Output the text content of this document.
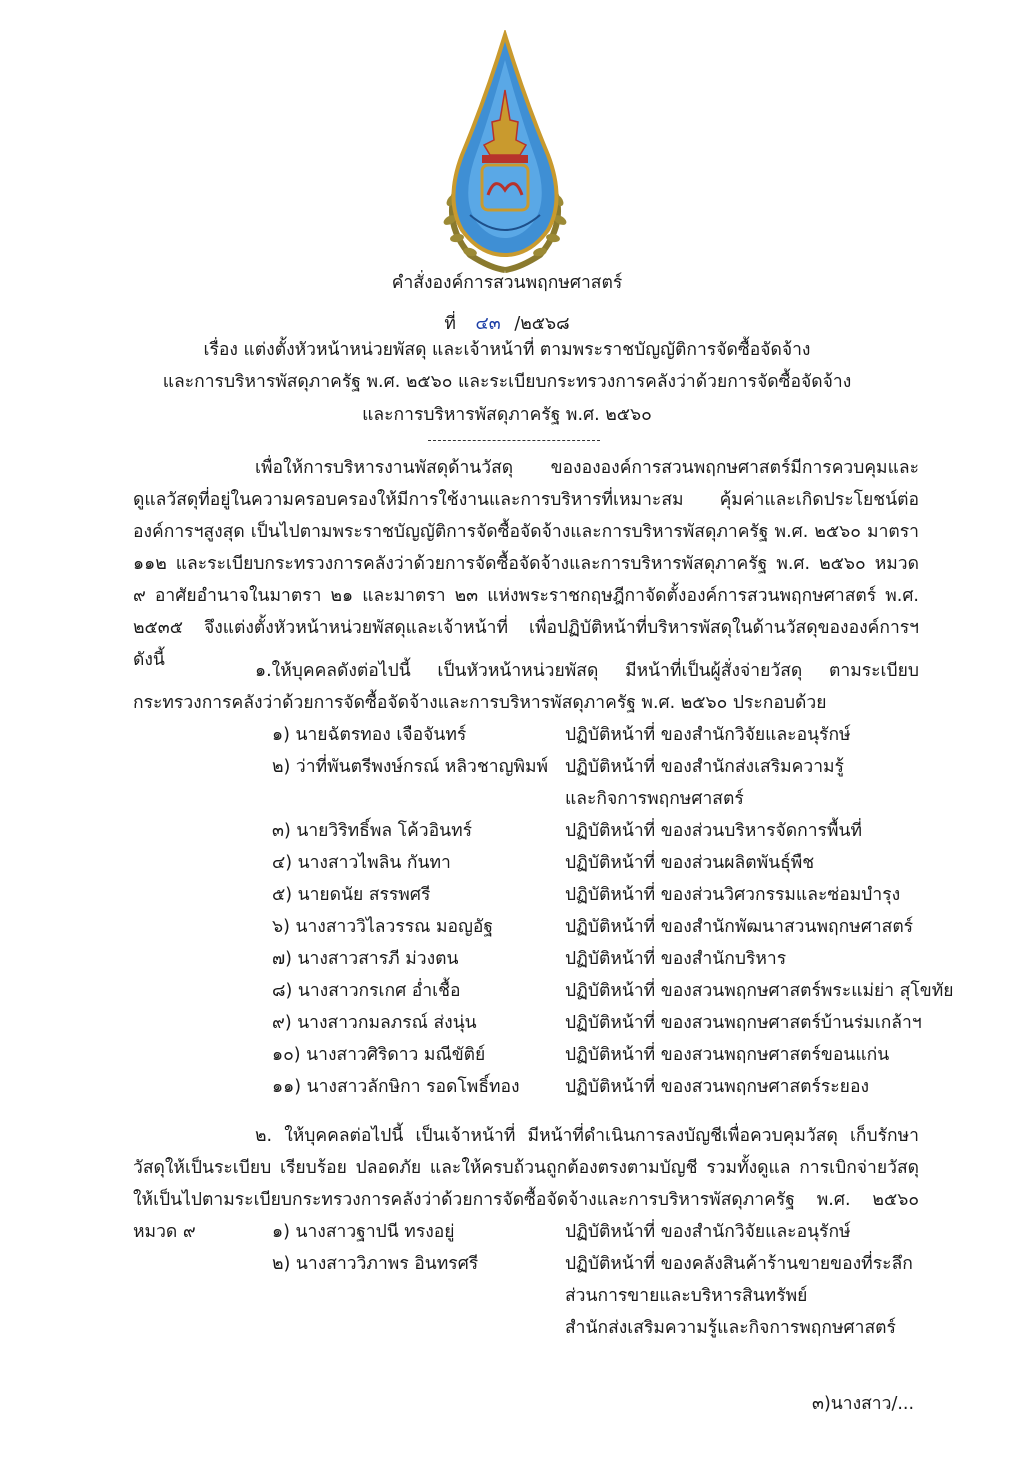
คำสั่งองค์การสวนพฤกษศาสตร์
ที่ ๔๓ /๒๕๖๘
เรื่อง แต่งตั้งหัวหน้าหน่วยพัสดุ และเจ้าหน้าที่ ตามพระราชบัญญัติการจัดซื้อจัดจ้าง
และการบริหารพัสดุภาครัฐ พ.ศ. ๒๕๖๐ และระเบียบกระทรวงการคลังว่าด้วยการจัดซื้อจัดจ้าง
และการบริหารพัสดุภาครัฐ พ.ศ. ๒๕๖๐

เพื่อให้การบริหารงานพัสดุด้านวัสดุ ของององค์การสวนพฤกษศาสตร์มีการควบคุมและดูแลวัสดุที่อยู่ในความครอบครองให้มีการใช้งานและการบริหารที่เหมาะสม คุ้มค่าและเกิดประโยชน์ต่อองค์การฯสูงสุด เป็นไปตามพระราชบัญญัติการจัดซื้อจัดจ้างและการบริหารพัสดุภาครัฐ พ.ศ. ๒๕๖๐ มาตรา ๑๑๒ และระเบียบกระทรวงการคลังว่าด้วยการจัดซื้อจัดจ้างและการบริหารพัสดุภาครัฐ พ.ศ. ๒๕๖๐ หมวด ๙ อาศัยอำนาจในมาตรา ๒๑ และมาตรา ๒๓ แห่งพระราชกฤษฎีกาจัดตั้งองค์การสวนพฤกษศาสตร์ พ.ศ. ๒๕๓๕ จึงแต่งตั้งหัวหน้าหน่วยพัสดุและเจ้าหน้าที่ เพื่อปฏิบัติหน้าที่บริหารพัสดุในด้านวัสดุขององค์การฯ ดังนี้

๑.ให้บุคคลดังต่อไปนี้ เป็นหัวหน้าหน่วยพัสดุ มีหน้าที่เป็นผู้สั่งจ่ายวัสดุ ตามระเบียบกระทรวงการคลังว่าด้วยการจัดซื้อจัดจ้างและการบริหารพัสดุภาครัฐ พ.ศ. ๒๕๖๐ ประกอบด้วย

๑) นายฉัตรทอง เจือจันทร์	ปฏิบัติหน้าที่ ของสำนักวิจัยและอนุรักษ์
๒) ว่าที่พันตรีพงษ์กรณ์ หลิวชาญพิมพ์ ปฏิบัติหน้าที่ ของสำนักส่งเสริมความรู้
และกิจการพฤกษศาสตร์
๓) นายวิริทธิ์พล โค้วอินทร์	ปฏิบัติหน้าที่ ของส่วนบริหารจัดการพื้นที่
๔) นางสาวไพลิน กันทา	ปฏิบัติหน้าที่ ของส่วนผลิตพันธุ์พืช
๕) นายดนัย สรรพศรี	ปฏิบัติหน้าที่ ของส่วนวิศวกรรมและซ่อมบำรุง
๖) นางสาววิไลวรรณ มอญอัฐ	ปฏิบัติหน้าที่ ของสำนักพัฒนาสวนพฤกษศาสตร์
๗) นางสาวสารภี ม่วงตน	ปฏิบัติหน้าที่ ของสำนักบริหาร
๘) นางสาวกรเกศ อ่ำเชื้อ	ปฏิบัติหน้าที่ ของสวนพฤกษศาสตร์พระแม่ย่า สุโขทัย
๙) นางสาวกมลภรณ์ ส่งนุ่น	ปฏิบัติหน้าที่ ของสวนพฤกษศาสตร์บ้านร่มเกล้าฯ
๑๐) นางสาวศิริดาว มณีขัติย์	ปฏิบัติหน้าที่ ของสวนพฤกษศาสตร์ขอนแก่น
๑๑) นางสาวลักษิกา รอดโพธิ์ทอง	ปฏิบัติหน้าที่ ของสวนพฤกษศาสตร์ระยอง

๒. ให้บุคคลต่อไปนี้ เป็นเจ้าหน้าที่ มีหน้าที่ดำเนินการลงบัญชีเพื่อควบคุมวัสดุ เก็บรักษาวัสดุให้เป็นระเบียบ เรียบร้อย ปลอดภัย และให้ครบถ้วนถูกต้องตรงตามบัญชี รวมทั้งดูแล การเบิกจ่ายวัสดุให้เป็นไปตามระเบียบกระทรวงการคลังว่าด้วยการจัดซื้อจัดจ้างและการบริหารพัสดุภาครัฐ พ.ศ. ๒๕๖๐ หมวด ๙	๑) นางสาวฐาปนี ทรงอยู่	ปฏิบัติหน้าที่ ของสำนักวิจัยและอนุรักษ์
๒) นางสาววิภาพร อินทรศรี	ปฏิบัติหน้าที่ ของคลังสินค้าร้านขายของที่ระลึก
ส่วนการขายและบริหารสินทรัพย์
สำนักส่งเสริมความรู้และกิจการพฤกษศาสตร์
๓)นางสาว/...
